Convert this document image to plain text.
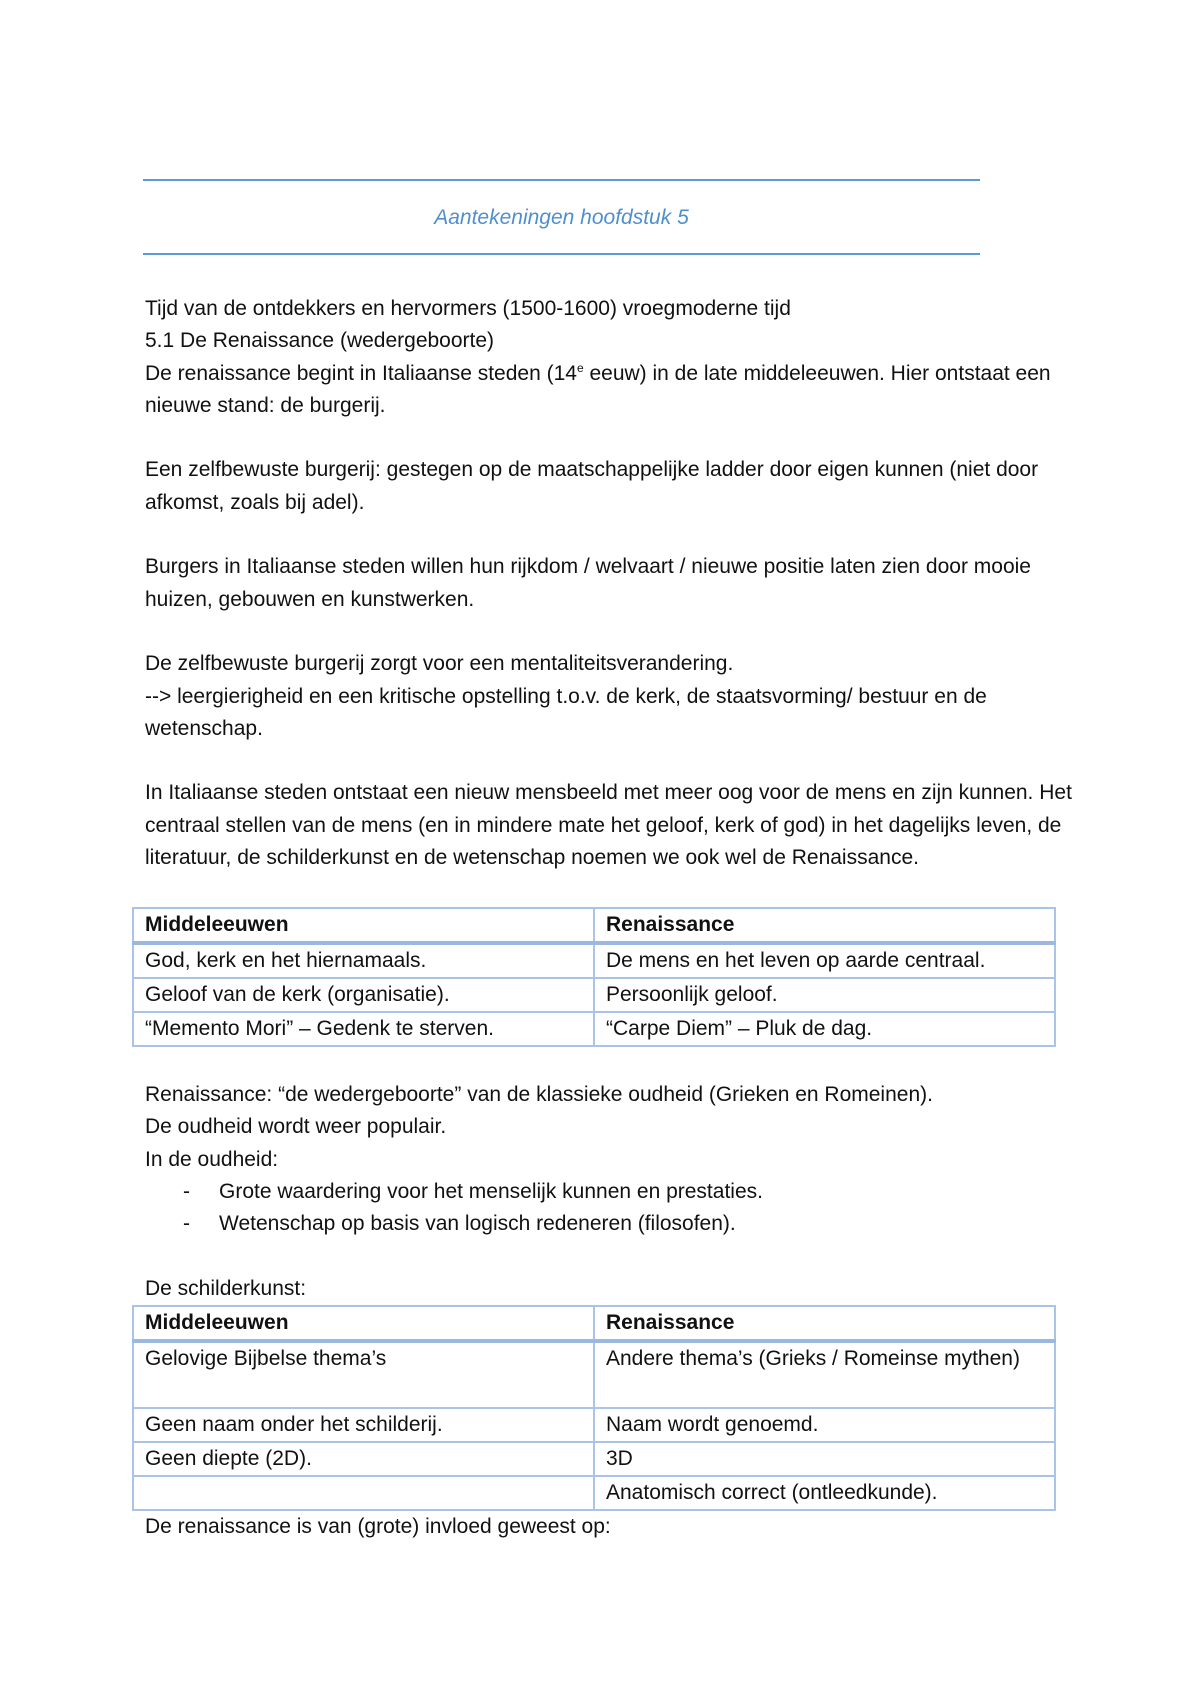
Aantekeningen hoofdstuk 5

Tijd van de ontdekkers en hervormers (1500-1600) vroegmoderne tijd

5.1 De Renaissance (wedergeboorte)

De renaissance begint in Italiaanse steden (14e eeuw) in de late middeleeuwen. Hier ontstaat een nieuwe stand: de burgerij.

Een zelfbewuste burgerij: gestegen op de maatschappelijke ladder door eigen kunnen (niet door afkomst, zoals bij adel).

Burgers in Italiaanse steden willen hun rijkdom / welvaart / nieuwe positie laten zien door mooie huizen, gebouwen en kunstwerken.

De zelfbewuste burgerij zorgt voor een mentaliteitsverandering.

--> leergierigheid en een kritische opstelling t.o.v. de kerk, de staatsvorming/ bestuur en de wetenschap.

In Italiaanse steden ontstaat een nieuw mensbeeld met meer oog voor de mens en zijn kunnen. Het centraal stellen van de mens (en in mindere mate het geloof, kerk of god) in het dagelijks leven, de literatuur, de schilderkunst en de wetenschap noemen we ook wel de Renaissance.

Middeleeuwen	Renaissance
God, kerk en het hiernamaals.	De mens en het leven op aarde centraal.
Geloof van de kerk (organisatie).	Persoonlijk geloof.
“Memento Mori” – Gedenk te sterven.	“Carpe Diem” – Pluk de dag.

Renaissance: “de wedergeboorte” van de klassieke oudheid (Grieken en Romeinen).

De oudheid wordt weer populair.

In de oudheid:

- Grote waardering voor het menselijk kunnen en prestaties.
- Wetenschap op basis van logisch redeneren (filosofen).

De schilderkunst:

Middeleeuwen	Renaissance
Gelovige Bijbelse thema’s	Andere thema’s (Grieks / Romeinse mythen)
Geen naam onder het schilderij.	Naam wordt genoemd.
Geen diepte (2D).	3D
	Anatomisch correct (ontleedkunde).

De renaissance is van (grote) invloed geweest op:
